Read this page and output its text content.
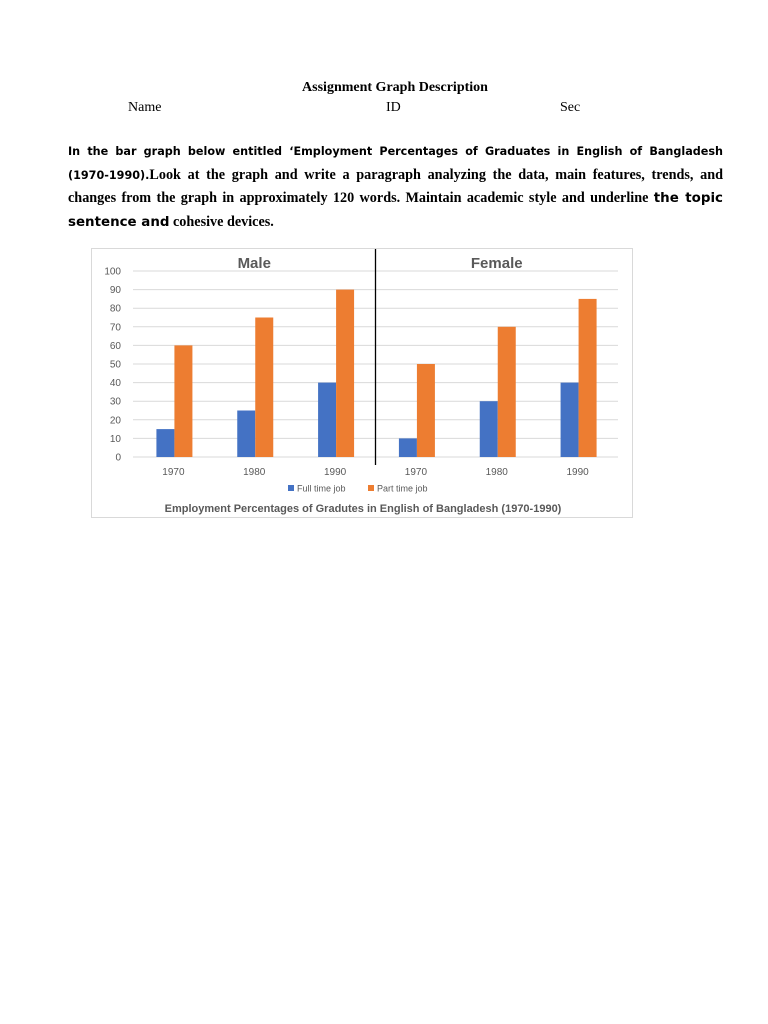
Assignment Graph Description
Name	ID	Sec
In the bar graph below entitled ‘Employment Percentages of Graduates in English of Bangladesh (1970-1990).Look at the graph and write a paragraph analyzing the data, main features, trends, and changes from the graph in approximately 120 words. Maintain academic style and underline the topic sentence and cohesive devices.
0
10
20
30
40
50
60
70
80
90
100
1970	1980	1990	1970	1980	1990
Male	Female
Full time job	Part time job
Employment Percentages of Gradutes in English of Bangladesh (1970-1990)
